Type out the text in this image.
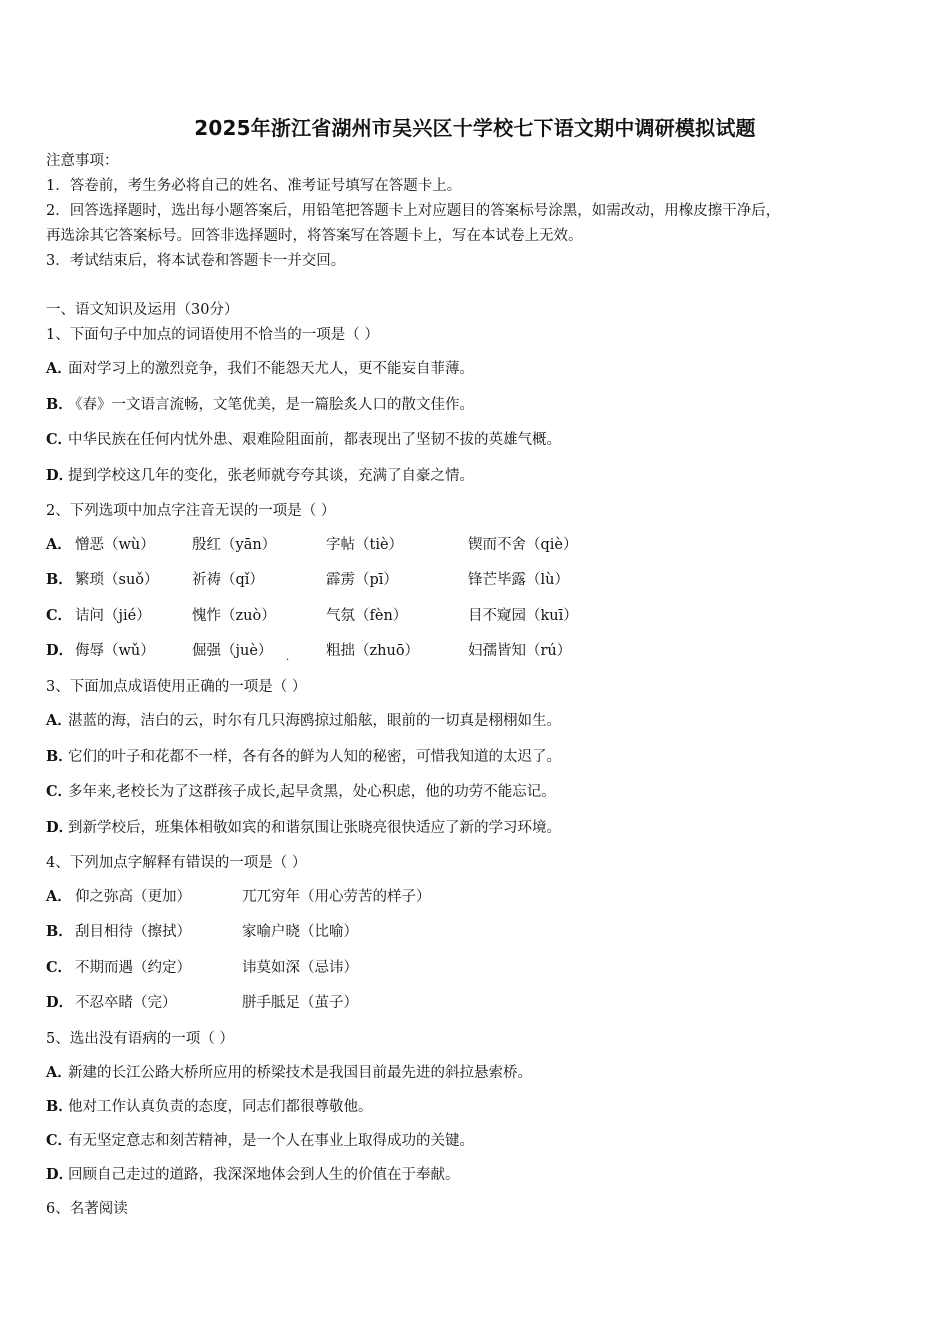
2025年浙江省湖州市吴兴区十学校七下语文期中调研模拟试题
注意事项：
1．答卷前，考生务必将自己的姓名、准考证号填写在答题卡上。
2．回答选择题时，选出每小题答案后，用铅笔把答题卡上对应题目的答案标号涂黑，如需改动，用橡皮擦干净后，
再选涂其它答案标号。回答非选择题时，将答案写在答题卡上，写在本试卷上无效。
3．考试结束后，将本试卷和答题卡一并交回。
一、语文知识及运用（30分）
1、下面句子中加点的词语使用不恰当的一项是（ ）
A．面对学习上的激烈竞争，我们不能怨天尤人，更不能妄自菲薄。
B．《春》一文语言流畅，文笔优美，是一篇脍炙人口的散文佳作。
C．中华民族在任何内忧外患、艰难险阻面前，都表现出了坚韧不拔的英雄气概。
D．提到学校这几年的变化，张老师就夸夸其谈，充满了自豪之情。
2、下列选项中加点字注音无误的一项是（ ）
A． 憎恶（wù）	殷红（yān）	字帖（tiè）	锲而不舍（qiè）
B． 繁琐（suǒ） 祈祷（qǐ）	霹雳（pī）	锋芒毕露（lù）
C． 诘问（jié）	愧怍（zuò）	气氛（fèn）	目不窥园（kuī）
D． 侮辱（wǔ）	倔强（juè） .	粗拙（zhuō）	妇孺皆知（rú）
3、下面加点成语使用正确的一项是（ ）
A．湛蓝的海，洁白的云，时尔有几只海鸥掠过船舷，眼前的一切真是栩栩如生。
B．它们的叶子和花都不一样，各有各的鲜为人知的秘密，可惜我知道的太迟了。
C．多年来,老校长为了这群孩子成长,起早贪黑，处心积虑，他的功劳不能忘记。
D．到新学校后，班集体相敬如宾的和谐氛围让张晓亮很快适应了新的学习环境。
4、下列加点字解释有错误的一项是（ ）
A． 仰之弥高（更加）	兀兀穷年（用心劳苦的样子）
B． 刮目相待（擦拭）	家喻户晓（比喻）
C． 不期而遇（约定）	讳莫如深（忌讳）
D． 不忍卒睹（完）	胼手胝足（茧子）
5、选出没有语病的一项（ ）
A．新建的长江公路大桥所应用的桥梁技术是我国目前最先进的斜拉悬索桥。
B．他对工作认真负责的态度，同志们都很尊敬他。
C．有无坚定意志和刻苦精神，是一个人在事业上取得成功的关键。
D．回顾自己走过的道路，我深深地体会到人生的价值在于奉献。
6、名著阅读
